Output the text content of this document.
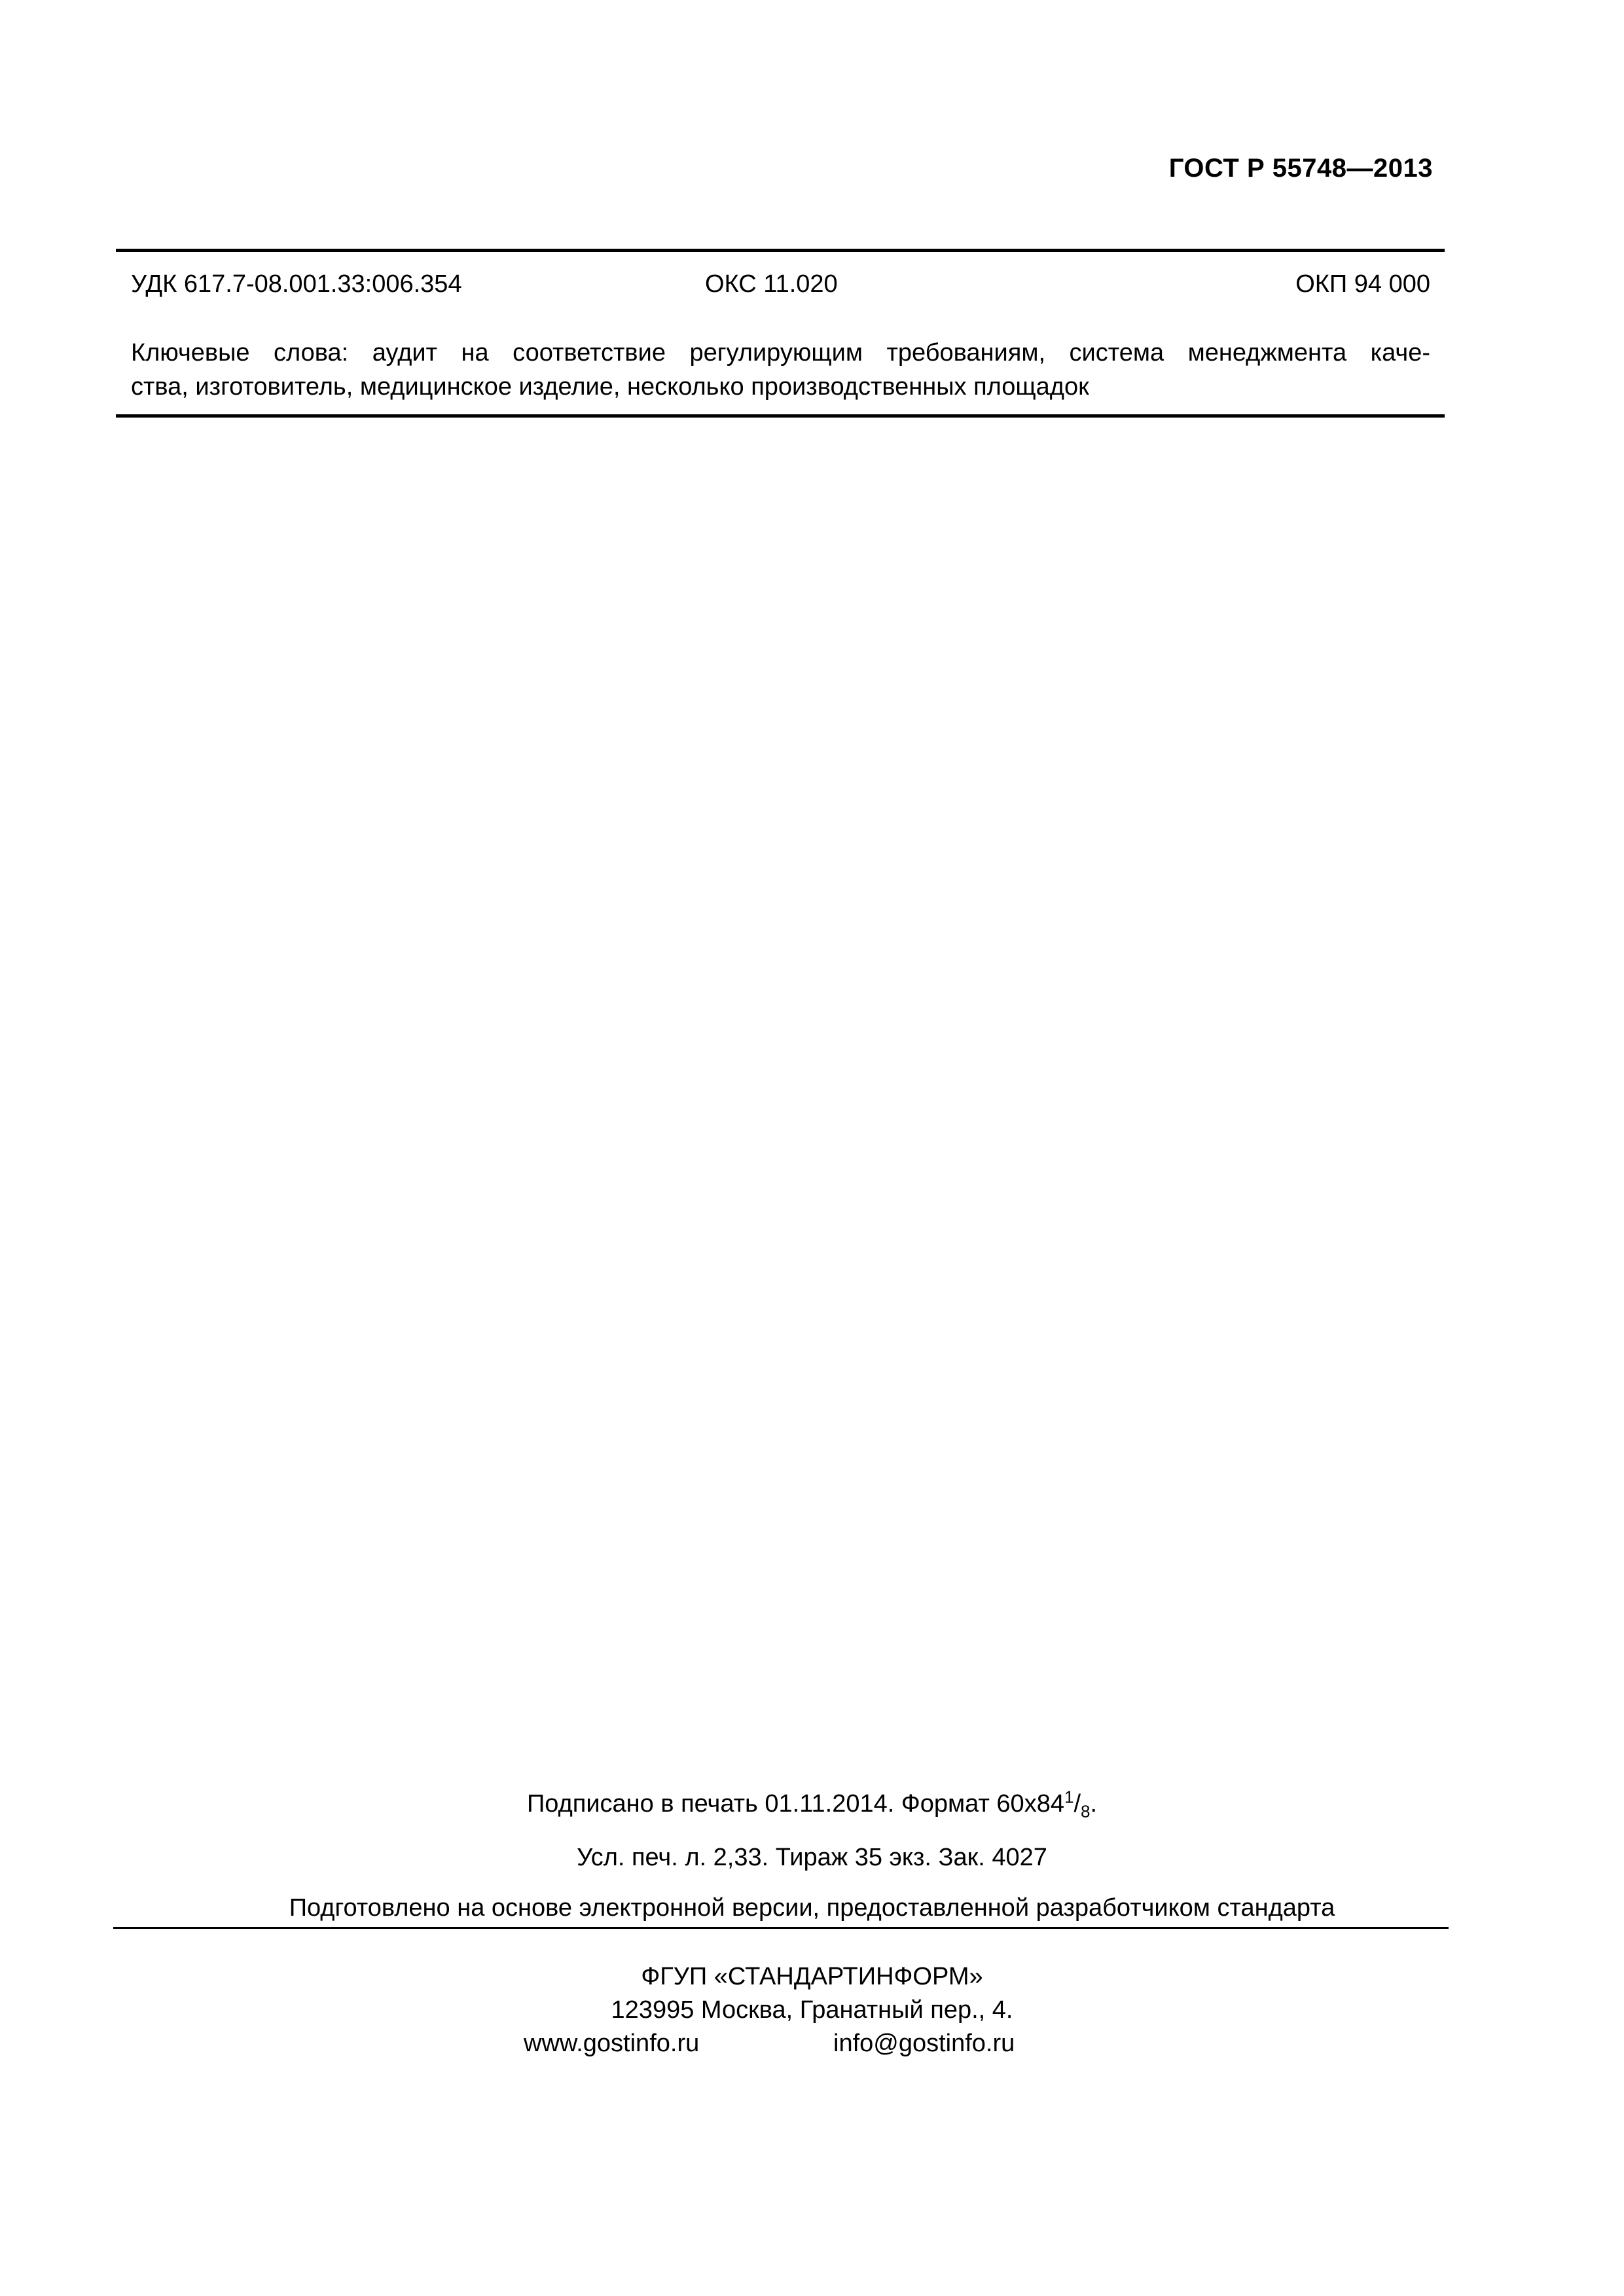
ГОСТ Р 55748—2013
УДК 617.7-08.001.33:006.354	ОКС 11.020	ОКП 94 000
Ключевые слова: аудит на соответствие регулирующим требованиям, система менеджмента каче-
ства, изготовитель, медицинское изделие, несколько производственных площадок
Подписано в печать 01.11.2014. Формат $60x84^1/_8$.
Усл. печ. л. 2,33. Тираж 35 экз. Зак. 4027
Подготовлено на основе электронной версии, предоставленной разработчиком стандарта
ФГУП «СТАНДАРТИНФОРМ»
123995 Москва, Гранатный пер., 4.
www.gostinfo.ru	info@gostinfo.ru
